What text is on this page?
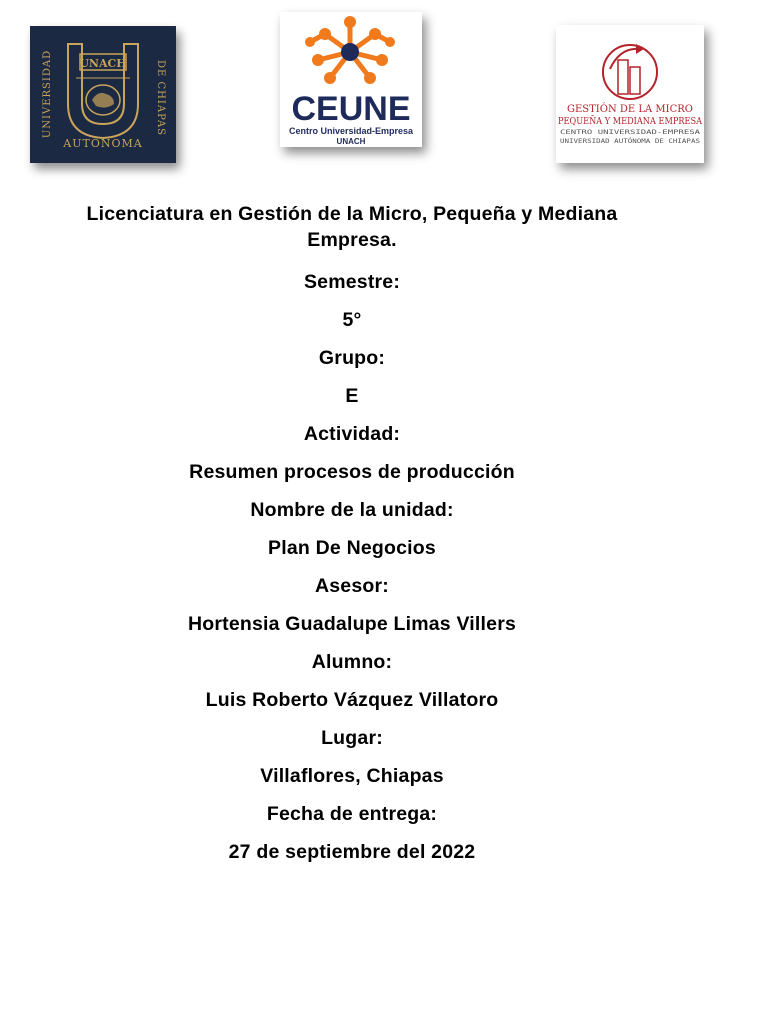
UNIVERSIDAD	DE CHIAPAS
UNACH
AUTONOMA
CEUNE
Centro Universidad-Empresa
UNACH
GESTIÓN DE LA MICRO
PEQUEÑA Y MEDIANA EMPRESA
CENTRO UNIVERSIDAD-EMPRESA
UNIVERSIDAD AUTÓNOMA DE CHIAPAS
Licenciatura en Gestión de la Micro, Pequeña y Mediana Empresa.
Semestre:
5°
Grupo:
E
Actividad:
Resumen procesos de producción
Nombre de la unidad:
Plan De Negocios
Asesor:
Hortensia Guadalupe Limas Villers
Alumno:
Luis Roberto Vázquez Villatoro
Lugar:
Villaflores, Chiapas
Fecha de entrega:
27 de septiembre del 2022
